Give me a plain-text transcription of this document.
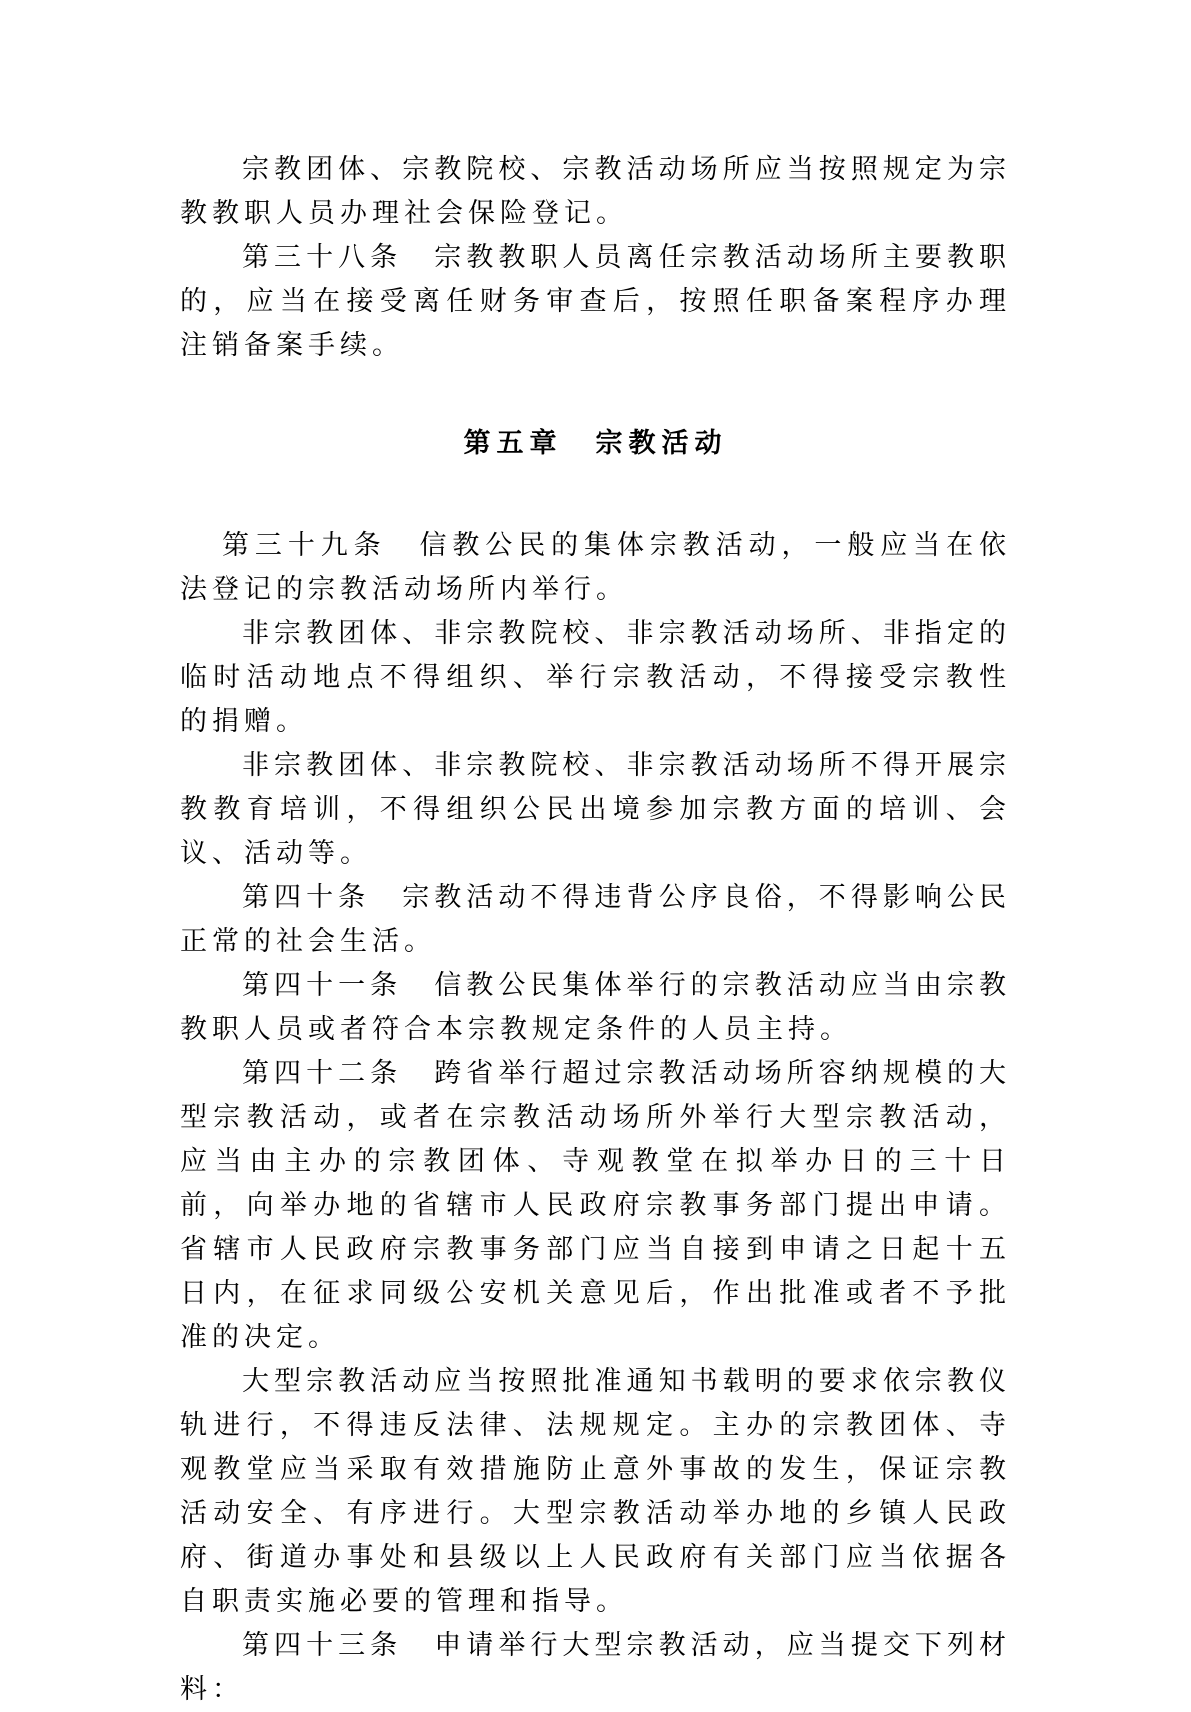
宗教团体、宗教院校、宗教活动场所应当按照规定为宗教教职人员办理社会保险登记。

第三十八条　宗教教职人员离任宗教活动场所主要教职的，应当在接受离任财务审查后，按照任职备案程序办理注销备案手续。

第五章　宗教活动

第三十九条　信教公民的集体宗教活动，一般应当在依法登记的宗教活动场所内举行。

非宗教团体、非宗教院校、非宗教活动场所、非指定的临时活动地点不得组织、举行宗教活动，不得接受宗教性的捐赠。

非宗教团体、非宗教院校、非宗教活动场所不得开展宗教教育培训，不得组织公民出境参加宗教方面的培训、会议、活动等。

第四十条　宗教活动不得违背公序良俗，不得影响公民正常的社会生活。

第四十一条　信教公民集体举行的宗教活动应当由宗教教职人员或者符合本宗教规定条件的人员主持。

第四十二条　跨省举行超过宗教活动场所容纳规模的大型宗教活动，或者在宗教活动场所外举行大型宗教活动，应当由主办的宗教团体、寺观教堂在拟举办日的三十日前，向举办地的省辖市人民政府宗教事务部门提出申请。省辖市人民政府宗教事务部门应当自接到申请之日起十五日内，在征求同级公安机关意见后，作出批准或者不予批准的决定。

大型宗教活动应当按照批准通知书载明的要求依宗教仪轨进行，不得违反法律、法规规定。主办的宗教团体、寺观教堂应当采取有效措施防止意外事故的发生，保证宗教活动安全、有序进行。大型宗教活动举办地的乡镇人民政府、街道办事处和县级以上人民政府有关部门应当依据各自职责实施必要的管理和指导。

第四十三条　申请举行大型宗教活动，应当提交下列材料：
